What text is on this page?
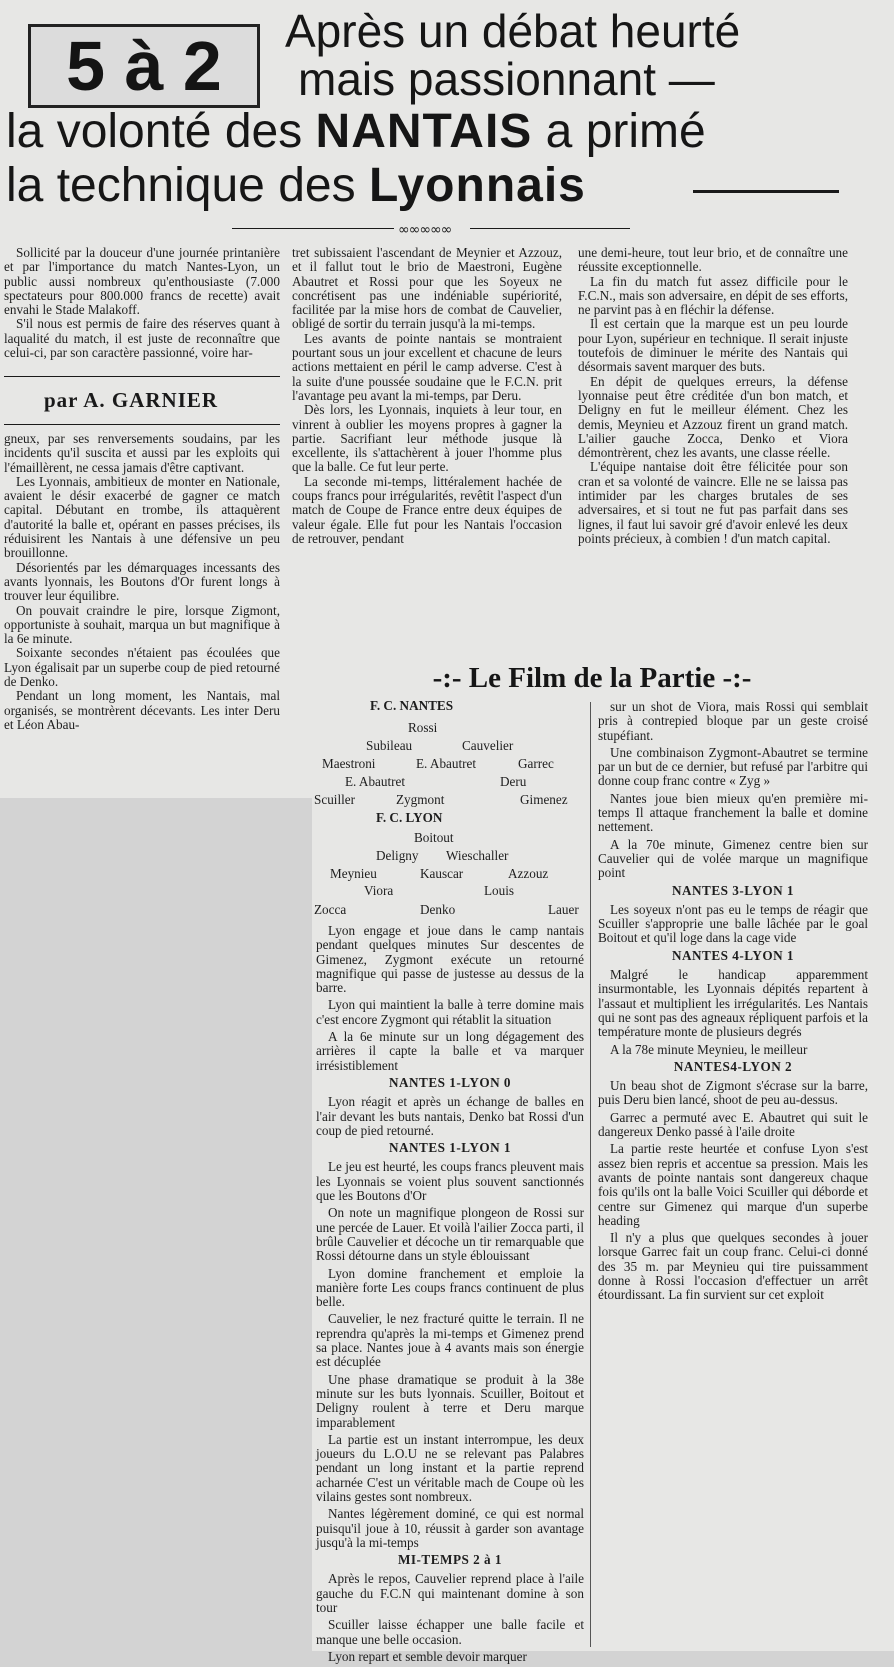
5 à 2	Après un débat heurté
mais passionnant —
la volonté des NANTAIS a primé
la technique des Lyonnais
∞∞∞∞∞

Sollicité par la douceur d'une journée printanière et par l'importance du match Nantes-Lyon, un public aussi nombreux qu'enthousiaste (7.000 spectateurs pour 800.000 francs de recette) avait envahi le Stade Malakoff.

S'il nous est permis de faire des réserves quant à laqualité du match, il est juste de reconnaître que celui-ci, par son caractère passionné, voire har-

par A. GARNIER

gneux, par ses renversements soudains, par les incidents qu'il suscita et aussi par les exploits qui l'émaillèrent, ne cessa jamais d'être captivant.

Les Lyonnais, ambitieux de monter en Nationale, avaient le désir exacerbé de gagner ce match capital. Débutant en trombe, ils attaquèrent d'autorité la balle et, opérant en passes précises, ils réduisirent les Nantais à une défensive un peu brouillonne.

Désorientés par les démarquages incessants des avants lyonnais, les Boutons d'Or furent longs à trouver leur équilibre.

On pouvait craindre le pire, lorsque Zigmont, opportuniste à souhait, marqua un but magnifique à la 6e minute.

Soixante secondes n'étaient pas écoulées que Lyon égalisait par un superbe coup de pied retourné de Denko.

Pendant un long moment, les Nantais, mal organisés, se montrèrent décevants. Les inter Deru et Léon Abau-

tret subissaient l'ascendant de Meynier et Azzouz, et il fallut tout le brio de Maestroni, Eugène Abautret et Rossi pour que les Soyeux ne concrétisent pas une indéniable supériorité, facilitée par la mise hors de combat de Cauvelier, obligé de sortir du terrain jusqu'à la mi-temps.

Les avants de pointe nantais se montraient pourtant sous un jour excellent et chacune de leurs actions mettaient en péril le camp adverse. C'est à la suite d'une poussée soudaine que le F.C.N. prit l'avantage peu avant la mi-temps, par Deru.

Dès lors, les Lyonnais, inquiets à leur tour, en vinrent à oublier les moyens propres à gagner la partie. Sacrifiant leur méthode jusque là excellente, ils s'attachèrent à jouer l'homme plus que la balle. Ce fut leur perte.

La seconde mi-temps, littéralement hachée de coups francs pour irrégularités, revêtit l'aspect d'un match de Coupe de France entre deux équipes de valeur égale. Elle fut pour les Nantais l'occasion de retrouver, pendant

une demi-heure, tout leur brio, et de connaître une réussite exceptionnelle.

La fin du match fut assez difficile pour le F.C.N., mais son adversaire, en dépit de ses efforts, ne parvint pas à en fléchir la défense.

Il est certain que la marque est un peu lourde pour Lyon, supérieur en technique. Il serait injuste toutefois de diminuer le mérite des Nantais qui désormais savent marquer des buts.

En dépit de quelques erreurs, la défense lyonnaise peut être créditée d'un bon match, et Deligny en fut le meilleur élément. Chez les demis, Meynieu et Azzouz firent un grand match. L'ailier gauche Zocca, Denko et Viora démontrèrent, chez les avants, une classe réelle.

L'équipe nantaise doit être félicitée pour son cran et sa volonté de vaincre. Elle ne se laissa pas intimider par les charges brutales de ses adversaires, et si tout ne fut pas parfait dans ses lignes, il faut lui savoir gré d'avoir enlevé les deux points précieux, à combien ! d'un match capital.

-:- Le Film de la Partie -:-
F. C. NANTES
Rossi
Subileau	Cauvelier
Maestroni	E. Abautret	Garrec
E. Abautret	Deru
Scuiller	Zygmont	Gimenez
F. C. LYON
Boitout
Deligny Wieschaller
Meynieu	Kauscar	Azzouz
Viora	Louis
Zocca	Denko	Lauer

Lyon engage et joue dans le camp nantais pendant quelques minutes Sur descentes de Gimenez, Zygmont exécute un retourné magnifique qui passe de justesse au dessus de la barre.

Lyon qui maintient la balle à terre domine mais c'est encore Zygmont qui rétablit la situation

A la 6e minute sur un long dégagement des arrières il capte la balle et va marquer irrésistiblement

NANTES 1-LYON 0

Lyon réagit et après un échange de balles en l'air devant les buts nantais, Denko bat Rossi d'un coup de pied retourné.

NANTES 1-LYON 1

Le jeu est heurté, les coups francs pleuvent mais les Lyonnais se voient plus souvent sanctionnés que les Boutons d'Or

On note un magnifique plongeon de Rossi sur une percée de Lauer. Et voilà l'ailier Zocca parti, il brûle Cauvelier et décoche un tir remarquable que Rossi détourne dans un style éblouissant

Lyon domine franchement et emploie la manière forte Les coups francs continuent de plus belle.

Cauvelier, le nez fracturé quitte le terrain. Il ne reprendra qu'après la mi-temps et Gimenez prend sa place. Nantes joue à 4 avants mais son énergie est décuplée

Une phase dramatique se produit à la 38e minute sur les buts lyonnais. Scuiller, Boitout et Deligny roulent à terre et Deru marque imparablement

La partie est un instant interrompue, les deux joueurs du L.O.U ne se relevant pas Palabres pendant un long instant et la partie reprend acharnée C'est un véritable mach de Coupe où les vilains gestes sont nombreux.

Nantes légèrement dominé, ce qui est normal puisqu'il joue à 10, réussit à garder son avantage jusqu'à la mi-temps

MI-TEMPS 2 à 1

Après le repos, Cauvelier reprend place à l'aile gauche du F.C.N qui maintenant domine à son tour

Scuiller laisse échapper une balle facile et manque une belle occasion.

Lyon repart et semble devoir marquer

sur un shot de Viora, mais Rossi qui semblait pris à contrepied bloque par un geste croisé stupéfiant.

Une combinaison Zygmont-Abautret se termine par un but de ce dernier, but refusé par l'arbitre qui donne coup franc contre « Zyg »

Nantes joue bien mieux qu'en première mi-temps Il attaque franchement la balle et domine nettement.

A la 70e minute, Gimenez centre bien sur Cauvelier qui de volée marque un magnifique point

NANTES 3-LYON 1

Les soyeux n'ont pas eu le temps de réagir que Scuiller s'approprie une balle lâchée par le goal Boitout et qu'il loge dans la cage vide

NANTES 4-LYON 1

Malgré le handicap apparemment insurmontable, les Lyonnais dépités repartent à l'assaut et multiplient les irrégularités. Les Nantais qui ne sont pas des agneaux répliquent parfois et la température monte de plusieurs degrés

A la 78e minute Meynieu, le meilleur

NANTES4-LYON 2

Un beau shot de Zigmont s'écrase sur la barre, puis Deru bien lancé, shoot de peu au-dessus.

Garrec a permuté avec E. Abautret qui suit le dangereux Denko passé à l'aile droite

La partie reste heurtée et confuse Lyon s'est assez bien repris et accentue sa pression. Mais les avants de pointe nantais sont dangereux chaque fois qu'ils ont la balle Voici Scuiller qui déborde et centre sur Gimenez qui marque d'un superbe heading

Il n'y a plus que quelques secondes à jouer lorsque Garrec fait un coup franc. Celui-ci donné des 35 m. par Meynieu qui tire puissamment donne à Rossi l'occasion d'effectuer un arrêt étourdissant. La fin survient sur cet exploit
